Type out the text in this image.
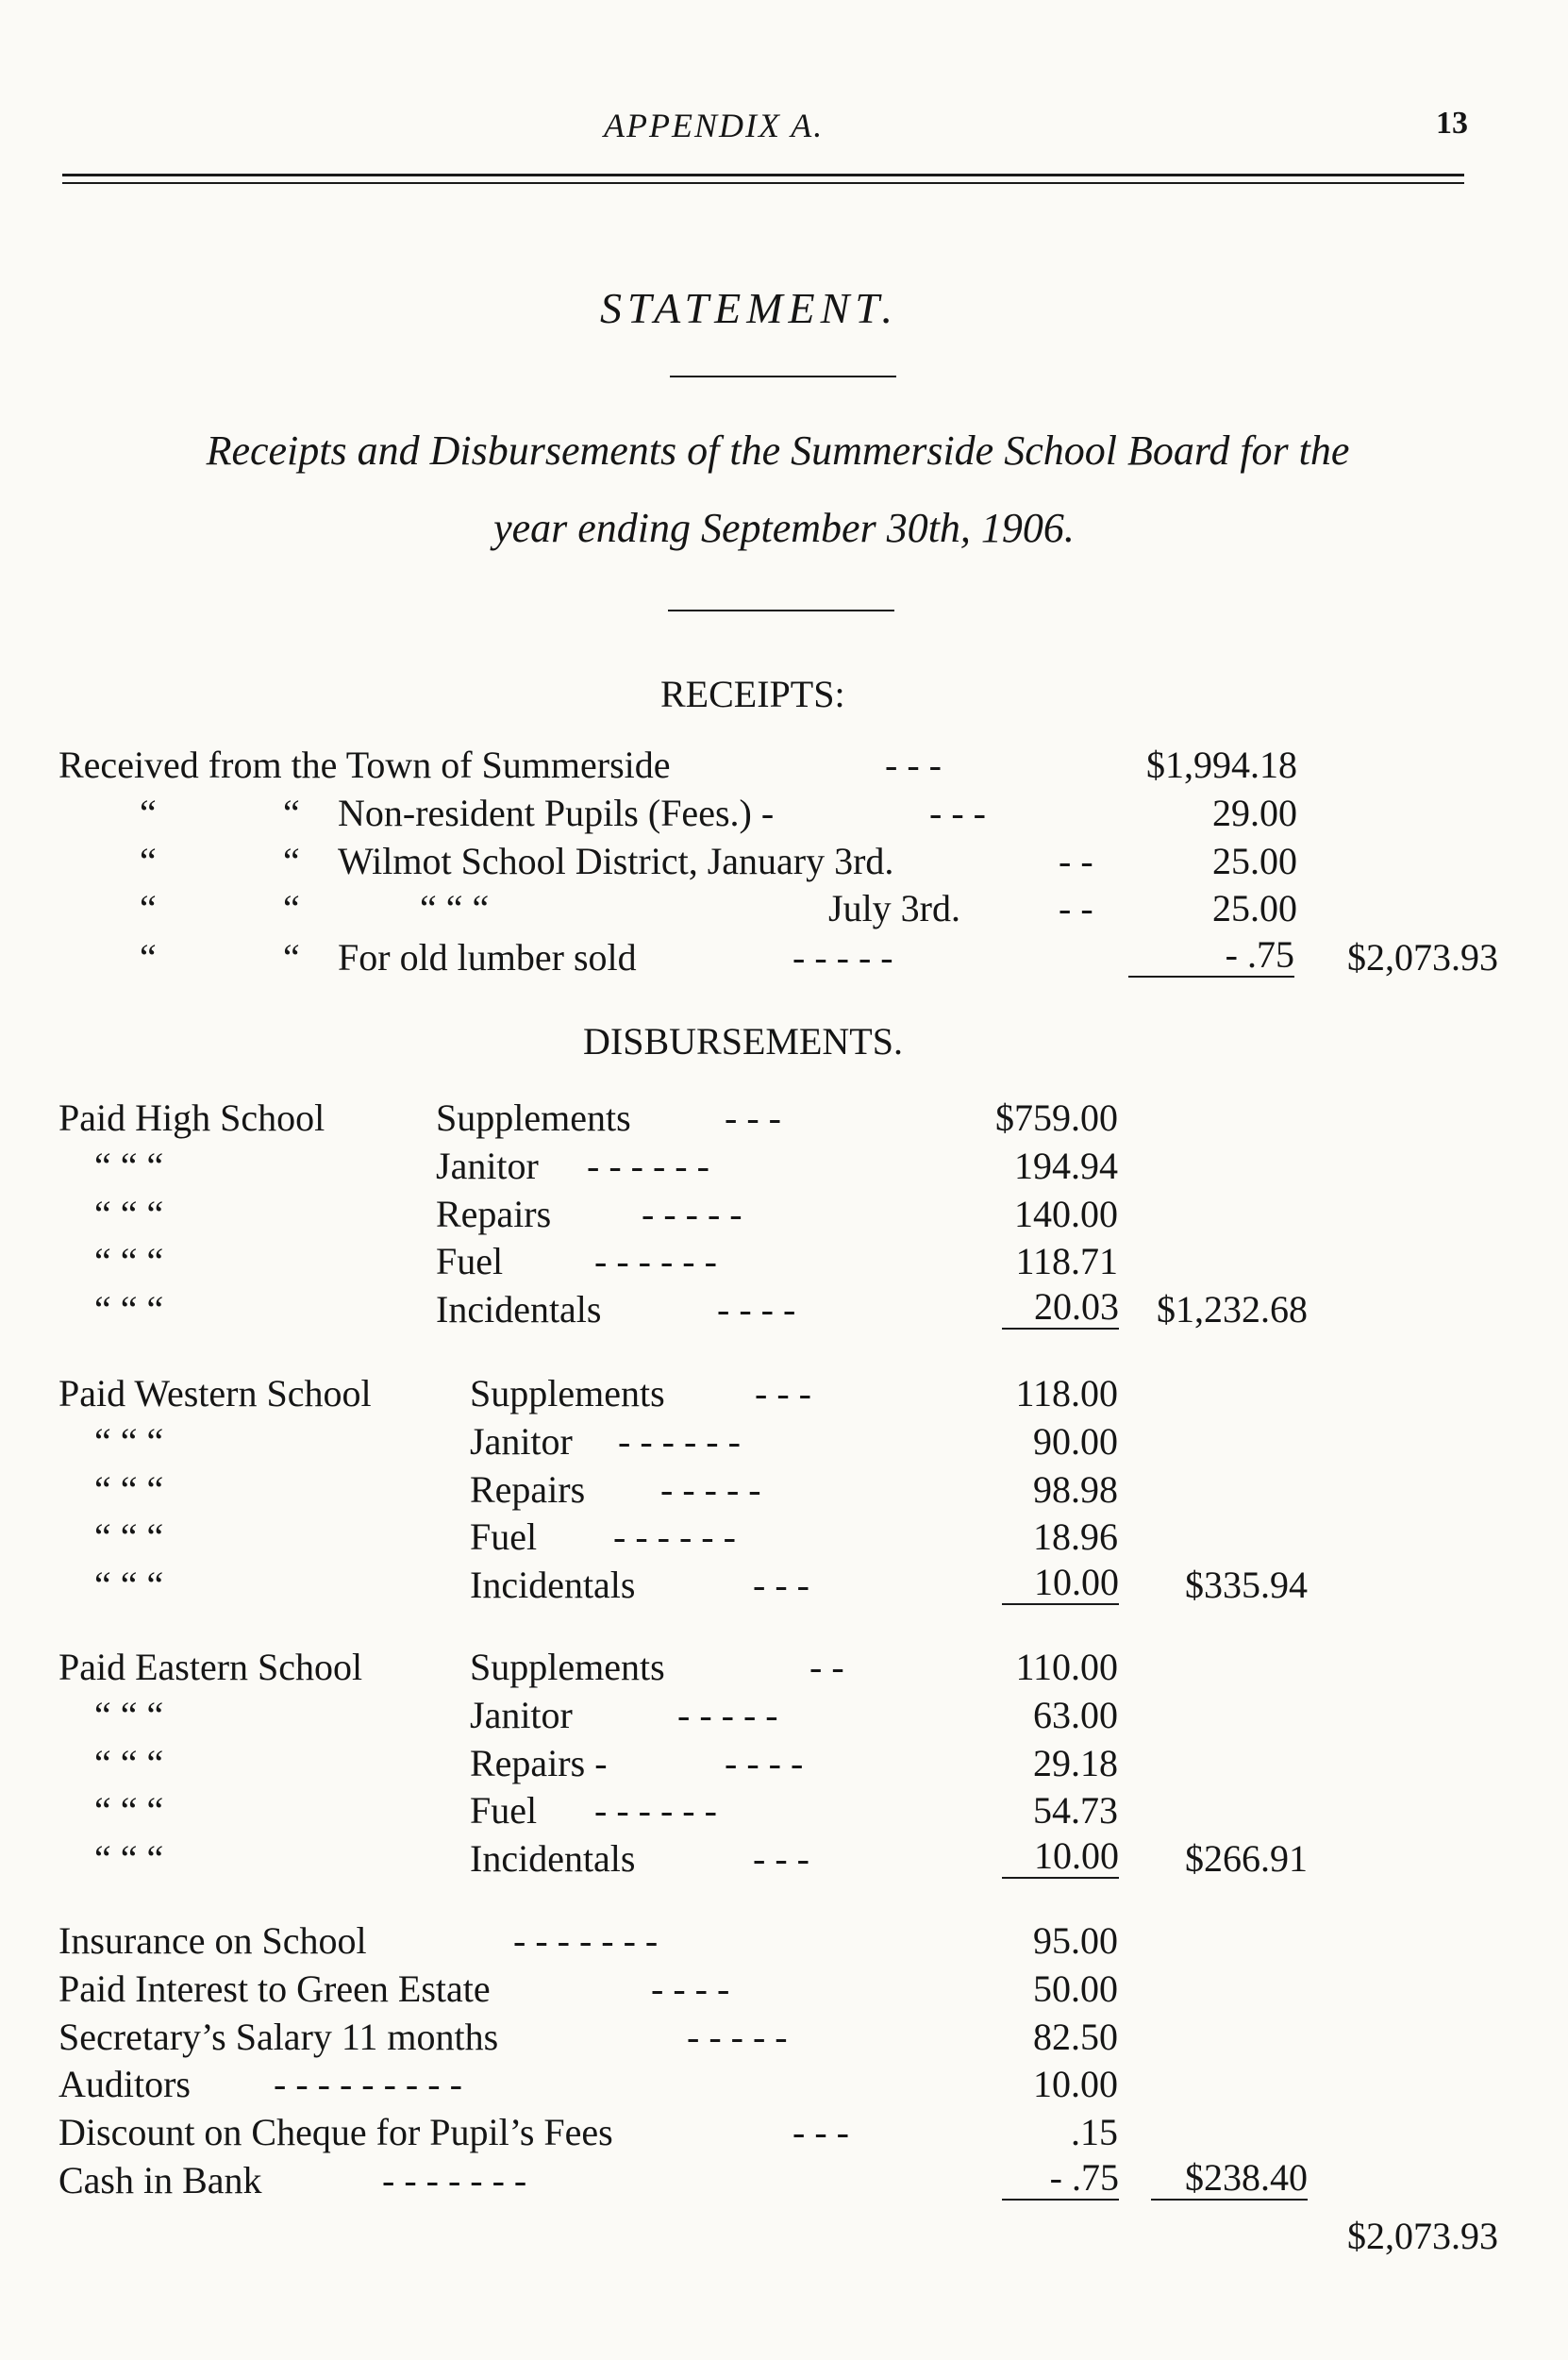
APPENDIX A.	13
STATEMENT.
Receipts and Disbursements of the Summerside School Board for the
year ending September 30th, 1906.
RECEIPTS:
Received from the Town of Summerside	- - -	$1,994.18
“	“ Non-resident Pupils (Fees.) -	- - -	29.00
“	“ Wilmot School District, January 3rd.	- -	25.00
“	“	“ “ “	July 3rd.	- -	25.00
“	“ For old lumber sold	- - - - -	- .75	$2,073.93
DISBURSEMENTS.
Paid High School	Supplements - - -	$759.00
“ “ “	Janitor - - - - - -	194.94
“ “ “	Repairs - - - - -	140.00
“ “ “	Fuel - - - - - -	118.71
“ “ “	Incidentals	- - - -	20.03	$1,232.68
Paid Western School	Supplements - - -	118.00
“ “ “	Janitor - - - - - -	90.00
“ “ “	Repairs - - - - -	98.98
“ “ “	Fuel - - - - - -	18.96
“ “ “	Incidentals	- - -	10.00	$335.94
Paid Eastern School	Supplements	- -	110.00
“ “ “	Janitor	- - - - -	63.00
“ “ “	Repairs -	- - - -	29.18
“ “ “	Fuel - - - - - -	54.73
“ “ “	Incidentals	- - -	10.00	$266.91
Insurance on School	- - - - - - -	95.00
Paid Interest to Green Estate	- - - -	50.00
Secretary’s Salary 11 months	- - - - -	82.50
Auditors - - - - - - - - -	10.00
Discount on Cheque for Pupil’s Fees	- - -	.15
Cash in Bank	- - - - - - -	- .75	$238.40
$2,073.93
